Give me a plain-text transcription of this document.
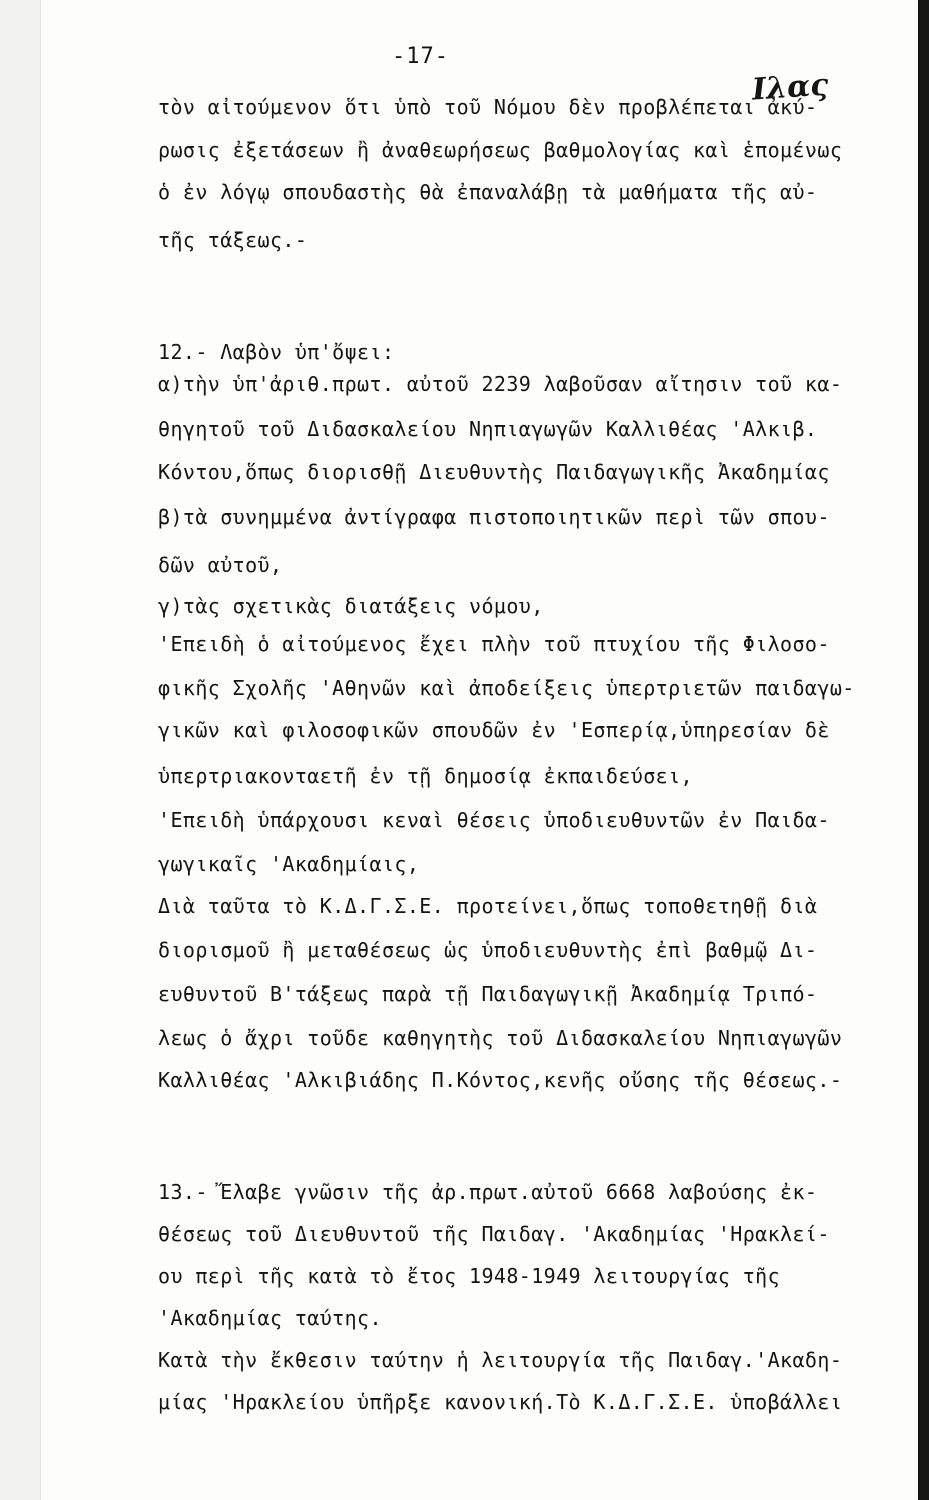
-17-
Ιλας
τὸν αἰτούμενον ὅτι ὑπὸ τοῦ Νόμου δὲν προβλέπεται ἀκύ-
ρωσις ἐξετάσεων ἢ ἀναθεωρήσεως βαθμολογίας καὶ ἑπομένως
ὁ ἐν λόγῳ σπουδαστὴς θὰ ἐπαναλάβῃ τὰ μαθήματα τῆς αὐ-
τῆς τάξεως.-
12.- Λαβὸν ὑπ'ὄψει:
α)τὴν ὑπ'ἀριθ.πρωτ. αὐτοῦ 2239 λαβοῦσαν αἴτησιν τοῦ κα-
θηγητοῦ τοῦ Διδασκαλείου Νηπιαγωγῶν Καλλιθέας 'Αλκιβ.
Κόντου,ὅπως διορισθῇ Διευθυντὴς Παιδαγωγικῆς Ἀκαδημίας
β)τὰ συνημμένα ἀντίγραφα πιστοποιητικῶν περὶ τῶν σπου-
δῶν αὐτοῦ,
γ)τὰς σχετικὰς διατάξεις νόμου,
'Επειδὴ ὁ αἰτούμενος ἔχει πλὴν τοῦ πτυχίου τῆς Φιλοσο-
φικῆς Σχολῆς 'Αθηνῶν καὶ ἀποδείξεις ὑπερτριετῶν παιδαγω-
γικῶν καὶ φιλοσοφικῶν σπουδῶν ἐν 'Εσπερίᾳ,ὑπηρεσίαν δὲ
ὑπερτριακονταετῆ ἐν τῇ δημοσίᾳ ἐκπαιδεύσει,
'Επειδὴ ὑπάρχουσι κεναὶ θέσεις ὑποδιευθυντῶν ἐν Παιδα-
γωγικαῖς 'Ακαδημίαις,
Διὰ ταῦτα τὸ Κ.Δ.Γ.Σ.Ε. προτείνει,ὅπως τοποθετηθῇ διὰ
διορισμοῦ ἢ μεταθέσεως ὡς ὑποδιευθυντὴς ἐπὶ βαθμῷ Δι-
ευθυντοῦ Β'τάξεως παρὰ τῇ Παιδαγωγικῇ Ἀκαδημίᾳ Τριπό-
λεως ὁ ἄχρι τοῦδε καθηγητὴς τοῦ Διδασκαλείου Νηπιαγωγῶν
Καλλιθέας 'Αλκιβιάδης Π.Κόντος,κενῆς οὔσης τῆς θέσεως.-
13.- Ἔλαβε γνῶσιν τῆς ἀρ.πρωτ.αὐτοῦ 6668 λαβούσης ἐκ-
θέσεως τοῦ Διευθυντοῦ τῆς Παιδαγ. 'Ακαδημίας 'Ηρακλεί-
ου περὶ τῆς κατὰ τὸ ἔτος 1948-1949 λειτουργίας τῆς
'Ακαδημίας ταύτης.
Κατὰ τὴν ἔκθεσιν ταύτην ἡ λειτουργία τῆς Παιδαγ.'Ακαδη-
μίας 'Ηρακλείου ὑπῆρξε κανονική.Τὸ Κ.Δ.Γ.Σ.Ε. ὑποβάλλει
